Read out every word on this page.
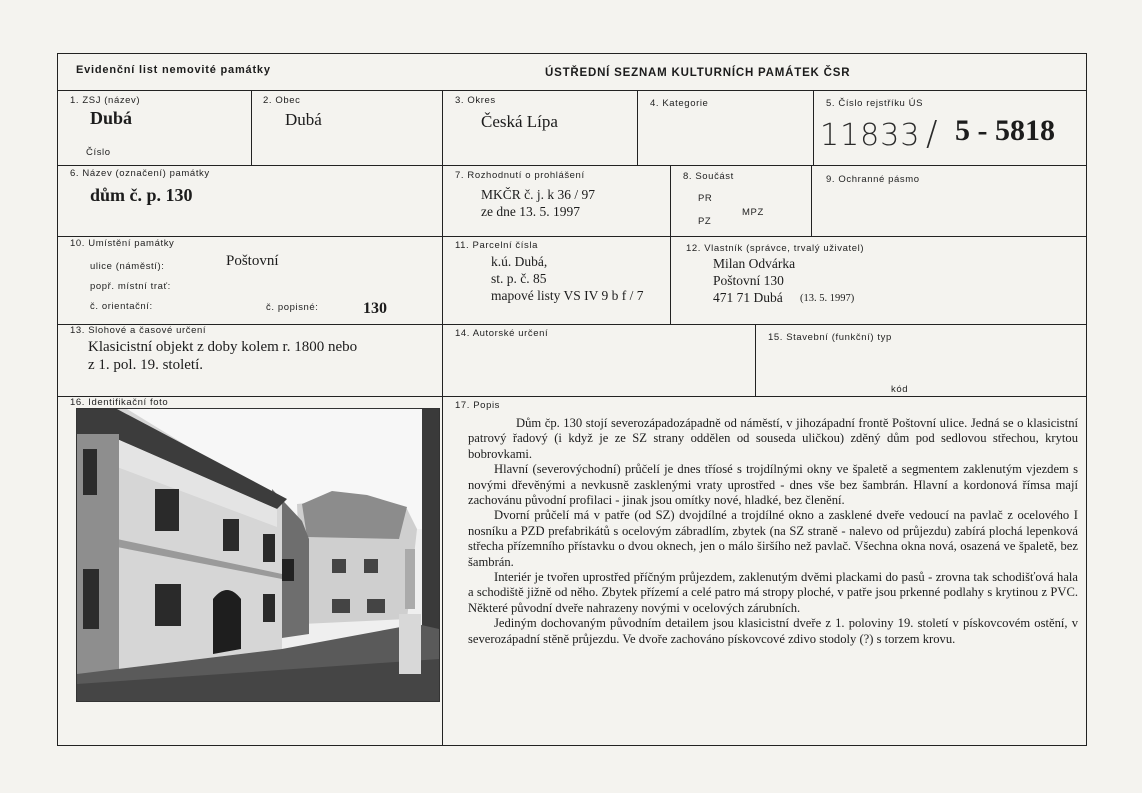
Evidenční list nemovité památky	ÚSTŘEDNÍ SEZNAM KULTURNÍCH PAMÁTEK ČSR
1. ZSJ (název)
Dubá
Číslo
2. Obec
Dubá
3. Okres
Česká Lípa
4. Kategorie	5. Číslo rejstříku ÚS
11833 / 5 - 5818
6. Název (označení) památky
dům č. p. 130
7. Rozhodnutí o prohlášení
MKČR č. j. k 36 / 97
ze dne 13. 5. 1997
8. Součást
PR
MPZ
PZ
9. Ochranné pásmo
10. Umístění památky
ulice (náměstí):	Poštovní
popř. místní trať:
č. orientační:	č. popisné:	130
11. Parcelní čísla
k.ú. Dubá,
st. p. č. 85
mapové listy VS IV 9 b f / 7
12. Vlastník (správce, trvalý uživatel)
Milan Odvárka
Poštovní 130
471 71 Dubá (13. 5. 1997)
13. Slohové a časové určení
Klasicistní objekt z doby kolem r. 1800 nebo
z 1. pol. 19. století.
14. Autorské určení	15. Stavební (funkční) typ
kód
16. Identifikační foto	17. Popis

Dům čp. 130 stojí severozápadozápadně od náměstí, v jihozápadní frontě Poštovní ulice. Jedná se o klasicistní patrový řadový (i když je ze SZ strany oddělen od souseda uličkou) zděný dům pod sedlovou střechou, krytou bobrovkami.

Hlavní (severovýchodní) průčelí je dnes tříosé s trojdílnými okny ve špaletě a segmentem zaklenutým vjezdem s novými dřevěnými a nevkusně zasklenými vraty uprostřed - dnes vše bez šambrán. Hlavní a kordonová římsa mají zachovánu původní profilaci - jinak jsou omítky nové, hladké, bez členění.

Dvorní průčelí má v patře (od SZ) dvojdílné a trojdílné okno a zasklené dveře vedoucí na pavlač z ocelového I nosníku a PZD prefabrikátů s ocelovým zábradlím, zbytek (na SZ straně - nalevo od průjezdu) zabírá plochá lepenková střecha přízemního přístavku o dvou oknech, jen o málo širšího než pavlač. Všechna okna nová, osazená ve špaletě, bez šambrán.

Interiér je tvořen uprostřed příčným průjezdem, zaklenutým dvěmi plackami do pasů - zrovna tak schodišťová hala a schodiště jižně od něho. Zbytek přízemí a celé patro má stropy ploché, v patře jsou prkenné podlahy s krytinou z PVC. Některé původní dveře nahrazeny novými v ocelových zárubních.

Jediným dochovaným původním detailem jsou klasicistní dveře z 1. poloviny 19. století v pískovcovém ostění, v severozápadní stěně průjezdu. Ve dvoře zachováno pískovcové zdivo stodoly (?) s torzem krovu.
